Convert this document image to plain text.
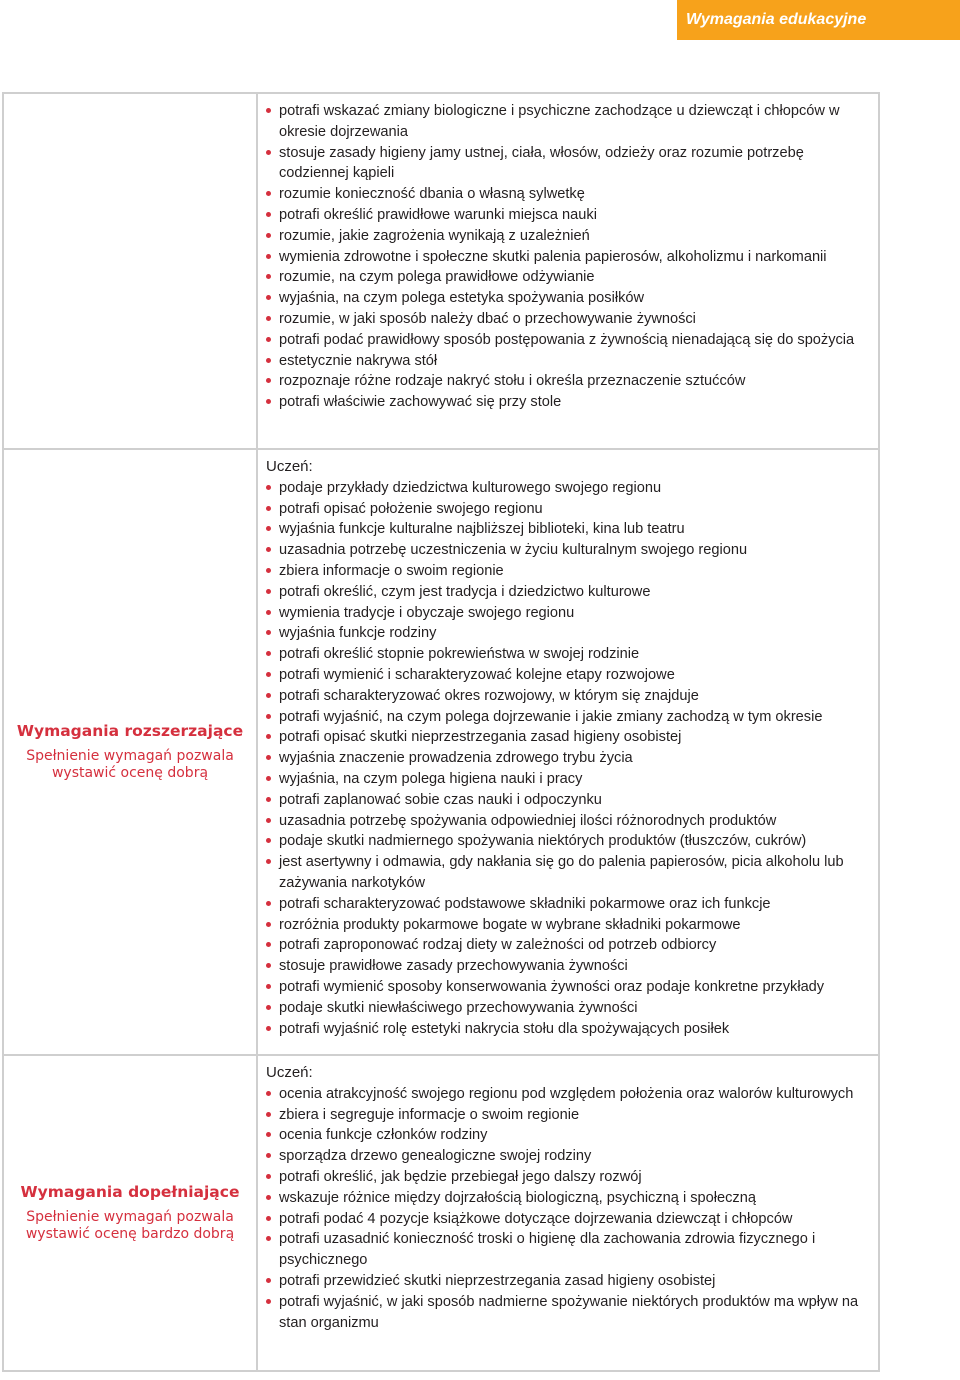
Wymagania edukacyjne
potrafi wskazać zmiany biologiczne i psychiczne zachodzące u dziewcząt i chłopców w okresie dojrzewania
stosuje zasady higieny jamy ustnej, ciała, włosów, odzieży oraz rozumie potrzebę codziennej kąpieli
rozumie konieczność dbania o własną sylwetkę
potrafi określić prawidłowe warunki miejsca nauki
rozumie, jakie zagrożenia wynikają z uzależnień
wymienia zdrowotne i społeczne skutki palenia papierosów, alkoholizmu i narkomanii
rozumie, na czym polega prawidłowe odżywianie
wyjaśnia, na czym polega estetyka spożywania posiłków
rozumie, w jaki sposób należy dbać o przechowywanie żywności
potrafi podać prawidłowy sposób postępowania z żywnością nienadającą się do spożycia
estetycznie nakrywa stół
rozpoznaje różne rodzaje nakryć stołu i określa przeznaczenie sztućców
potrafi właściwie zachowywać się przy stole
Wymagania rozszerzające
Spełnienie wymagań pozwala wystawić ocenę dobrą
Uczeń:
podaje przykłady dziedzictwa kulturowego swojego regionu
potrafi opisać położenie swojego regionu
wyjaśnia funkcje kulturalne najbliższej biblioteki, kina lub teatru
uzasadnia potrzebę uczestniczenia w życiu kulturalnym swojego regionu
zbiera informacje o swoim regionie
potrafi określić, czym jest tradycja i dziedzictwo kulturowe
wymienia tradycje i obyczaje swojego regionu
wyjaśnia funkcje rodziny
potrafi określić stopnie pokrewieństwa w swojej rodzinie
potrafi wymienić i scharakteryzować kolejne etapy rozwojowe
potrafi scharakteryzować okres rozwojowy, w którym się znajduje
potrafi wyjaśnić, na czym polega dojrzewanie i jakie zmiany zachodzą w tym okresie
potrafi opisać skutki nieprzestrzegania zasad higieny osobistej
wyjaśnia znaczenie prowadzenia zdrowego trybu życia
wyjaśnia, na czym polega higiena nauki i pracy
potrafi zaplanować sobie czas nauki i odpoczynku
uzasadnia potrzebę spożywania odpowiedniej ilości różnorodnych produktów
podaje skutki nadmiernego spożywania niektórych produktów (tłuszczów, cukrów)
jest asertywny i odmawia, gdy nakłania się go do palenia papierosów, picia alkoholu lub zażywania narkotyków
potrafi scharakteryzować podstawowe składniki pokarmowe oraz ich funkcje
rozróżnia produkty pokarmowe bogate w wybrane składniki pokarmowe
potrafi zaproponować rodzaj diety w zależności od potrzeb odbiorcy
stosuje prawidłowe zasady przechowywania żywności
potrafi wymienić sposoby konserwowania żywności oraz podaje konkretne przykłady
podaje skutki niewłaściwego przechowywania żywności
potrafi wyjaśnić rolę estetyki nakrycia stołu dla spożywających posiłek
Wymagania dopełniające
Spełnienie wymagań pozwala wystawić ocenę bardzo dobrą
Uczeń:
ocenia atrakcyjność swojego regionu pod względem położenia oraz walorów kulturowych
zbiera i segreguje informacje o swoim regionie
ocenia funkcje członków rodziny
sporządza drzewo genealogiczne swojej rodziny
potrafi określić, jak będzie przebiegał jego dalszy rozwój
wskazuje różnice między dojrzałością biologiczną, psychiczną i społeczną
potrafi podać 4 pozycje książkowe dotyczące dojrzewania dziewcząt i chłopców
potrafi uzasadnić konieczność troski o higienę dla zachowania zdrowia fizycznego i psychicznego
potrafi przewidzieć skutki nieprzestrzegania zasad higieny osobistej
potrafi wyjaśnić, w jaki sposób nadmierne spożywanie niektórych produktów ma wpływ na stan organizmu
